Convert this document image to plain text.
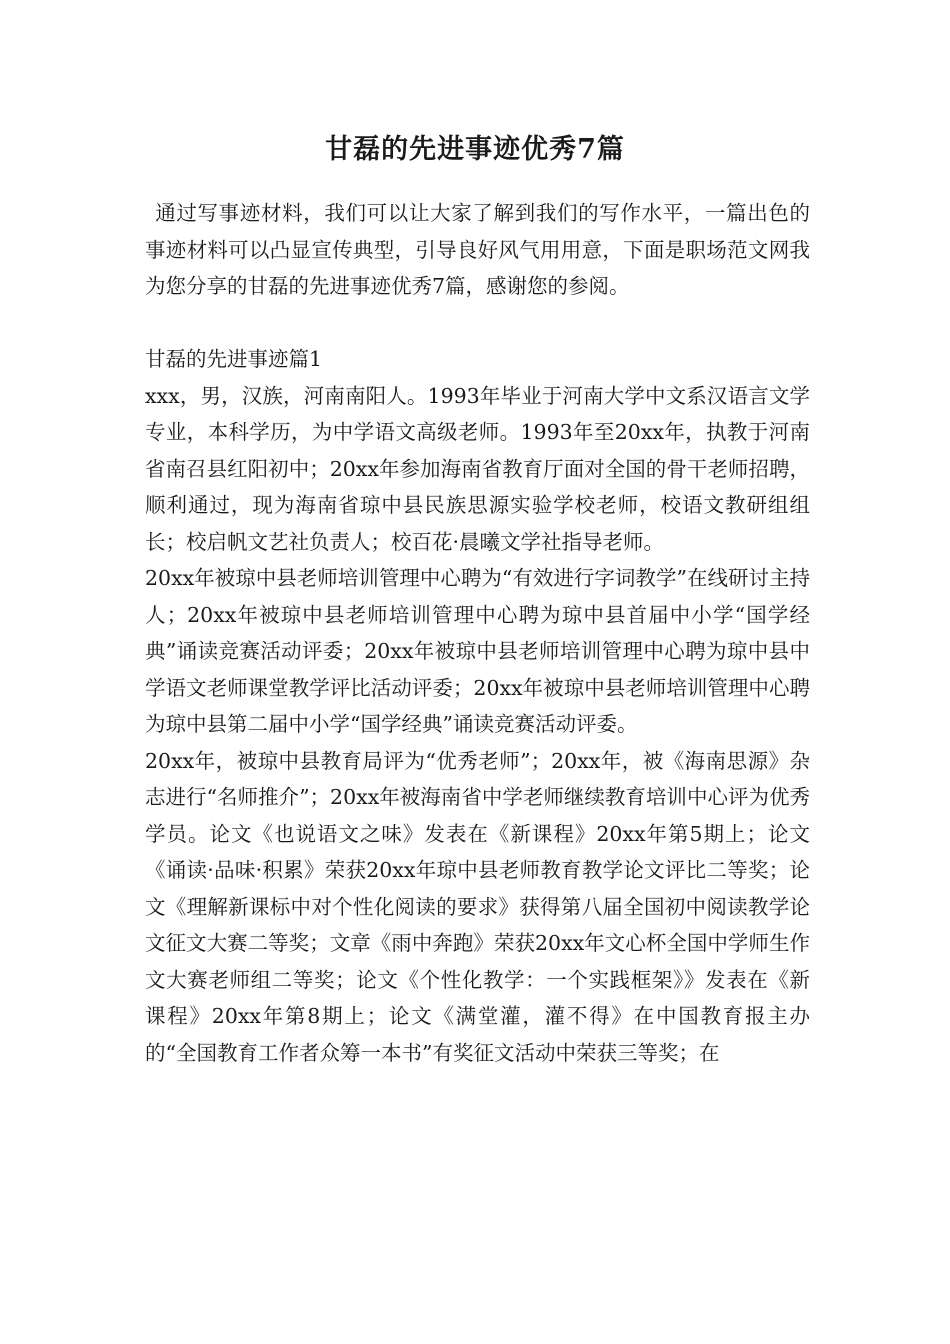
甘磊的先进事迹优秀7篇

通过写事迹材料，我们可以让大家了解到我们的写作水平，一篇出色的事迹材料可以凸显宣传典型，引导良好风气用用意，下面是职场范文网我为您分享的甘磊的先进事迹优秀7篇，感谢您的参阅。

甘磊的先进事迹篇1

xxx，男，汉族，河南南阳人。1993年毕业于河南大学中文系汉语言文学专业，本科学历，为中学语文高级老师。1993年至20xx年，执教于河南省南召县红阳初中；20xx年参加海南省教育厅面对全国的骨干老师招聘，顺利通过，现为海南省琼中县民族思源实验学校老师，校语文教研组组长；校启帆文艺社负责人；校百花·晨曦文学社指导老师。

20xx年被琼中县老师培训管理中心聘为“有效进行字词教学”在线研讨主持人；20xx年被琼中县老师培训管理中心聘为琼中县首届中小学“国学经典”诵读竞赛活动评委；20xx年被琼中县老师培训管理中心聘为琼中县中学语文老师课堂教学评比活动评委；20xx年被琼中县老师培训管理中心聘为琼中县第二届中小学“国学经典”诵读竞赛活动评委。

20xx年，被琼中县教育局评为“优秀老师”；20xx年，被《海南思源》杂志进行“名师推介”；20xx年被海南省中学老师继续教育培训中心评为优秀学员。论文《也说语文之味》发表在《新课程》20xx年第5期上；论文《诵读·品味·积累》荣获20xx年琼中县老师教育教学论文评比二等奖；论文《理解新课标中对个性化阅读的要求》获得第八届全国初中阅读教学论文征文大赛二等奖；文章《雨中奔跑》荣获20xx年文心杯全国中学师生作文大赛老师组二等奖；论文《个性化教学：一个实践框架》》发表在《新课程》20xx年第8期上；论文《满堂灌，灌不得》在中国教育报主办的“全国教育工作者众筹一本书”有奖征文活动中荣获三等奖；在
